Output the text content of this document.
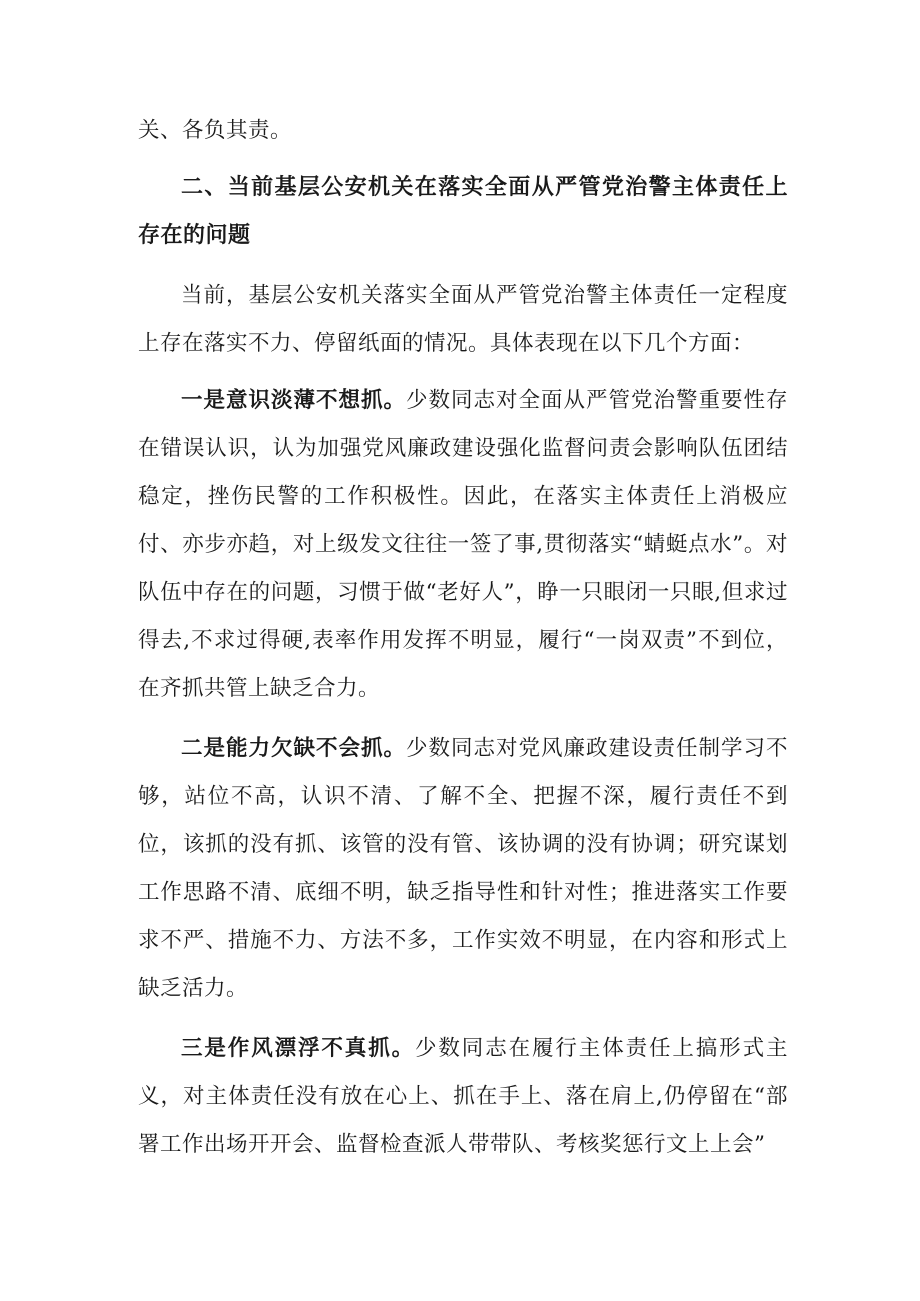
关、各负其责。

二、当前基层公安机关在落实全面从严管党治警主体责任上存在的问题

当前，基层公安机关落实全面从严管党治警主体责任一定程度上存在落实不力、停留纸面的情况。具体表现在以下几个方面：

一是意识淡薄不想抓。少数同志对全面从严管党治警重要性存在错误认识，认为加强党风廉政建设强化监督问责会影响队伍团结稳定，挫伤民警的工作积极性。因此，在落实主体责任上消极应付、亦步亦趋，对上级发文往往一签了事,贯彻落实“蜻蜓点水”。对队伍中存在的问题，习惯于做“老好人”，睁一只眼闭一只眼,但求过得去,不求过得硬,表率作用发挥不明显，履行“一岗双责”不到位，在齐抓共管上缺乏合力。

二是能力欠缺不会抓。少数同志对党风廉政建设责任制学习不够，站位不高，认识不清、了解不全、把握不深，履行责任不到位，该抓的没有抓、该管的没有管、该协调的没有协调；研究谋划工作思路不清、底细不明，缺乏指导性和针对性；推进落实工作要求不严、措施不力、方法不多，工作实效不明显，在内容和形式上缺乏活力。

三是作风漂浮不真抓。少数同志在履行主体责任上搞形式主义，对主体责任没有放在心上、抓在手上、落在肩上,仍停留在“部署工作出场开开会、监督检查派人带带队、考核奖惩行文上上会”
